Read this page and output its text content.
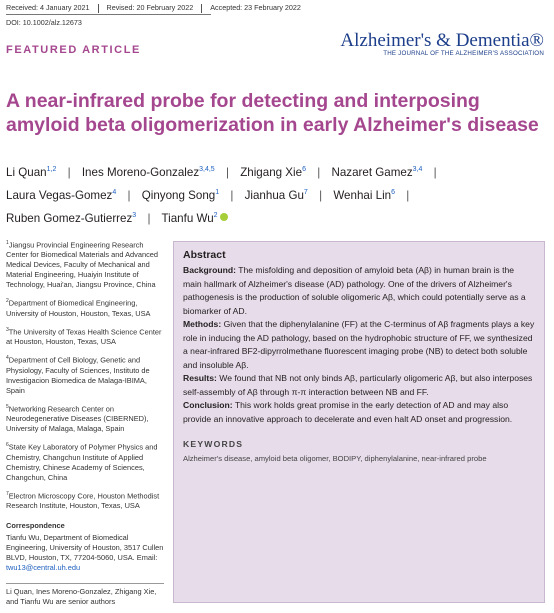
Received: 4 January 2021 Revised: 20 February 2022 Accepted: 23 February 2022
DOI: 10.1002/alz.12673
Alzheimer's & Dementia®
THE JOURNAL OF THE ALZHEIMER'S ASSOCIATION
FEATURED ARTICLE
A near-infrared probe for detecting and interposing amyloid beta oligomerization in early Alzheimer's disease
Li Quan$^{1,2}$ | Ines Moreno-Gonzalez$^{3,4,5}$ | Zhigang Xie$^6$ | Nazaret Gamez$^{3,4}$ | Laura Vegas-Gomez$^4$ | Qinyong Song$^1$ | Jianhua Gu$^7$ | Wenhai Lin$^6$ | Ruben Gomez-Gutierrez$^3$ | Tianfu Wu$^2$

$^1$Jiangsu Provincial Engineering Research Center for Biomedical Materials and Advanced Medical Devices, Faculty of Mechanical and Material Engineering, Huaiyin Institute of Technology, Huai'an, Jiangsu Province, China

$^2$Department of Biomedical Engineering, University of Houston, Houston, Texas, USA

$^3$The University of Texas Health Science Center at Houston, Houston, Texas, USA

$^4$Department of Cell Biology, Genetic and Physiology, Faculty of Sciences, Instituto de Investigacion Biomedica de Malaga-IBIMA, Spain

$^5$Networking Research Center on Neurodegenerative Diseases (CIBERNED), University of Malaga, Malaga, Spain

$^6$State Key Laboratory of Polymer Physics and Chemistry, Changchun Institute of Applied Chemistry, Chinese Academy of Sciences, Changchun, China

$^7$Electron Microscopy Core, Houston Methodist Research Institute, Houston, Texas, USA

Correspondence

Tianfu Wu, Department of Biomedical Engineering, University of Houston, 3517 Cullen BLVD, Houston, TX, 77204-5060, USA. Email: twu13@central.uh.edu

Li Quan, Ines Moreno-Gonzalez, Zhigang Xie, and Tianfu Wu are senior authors
Abstract

Background: The misfolding and deposition of amyloid beta (Aβ) in human brain is the main hallmark of Alzheimer's disease (AD) pathology. One of the drivers of Alzheimer's pathogenesis is the production of soluble oligomeric Aβ, which could potentially serve as a biomarker of AD.

Methods: Given that the diphenylalanine (FF) at the C-terminus of Aβ fragments plays a key role in inducing the AD pathology, based on the hydrophobic structure of FF, we synthesized a near-infrared BF2-dipyrrolmethane fluorescent imaging probe (NB) to detect both soluble and insoluble Aβ.

Results: We found that NB not only binds Aβ, particularly oligomeric Aβ, but also interposes self-assembly of Aβ through π-π interaction between NB and FF.

Conclusion: This work holds great promise in the early detection of AD and may also provide an innovative approach to decelerate and even halt AD onset and progression.

KEYWORDS

Alzheimer's disease, amyloid beta oligomer, BODIPY, diphenylalanine, near-infrared probe
